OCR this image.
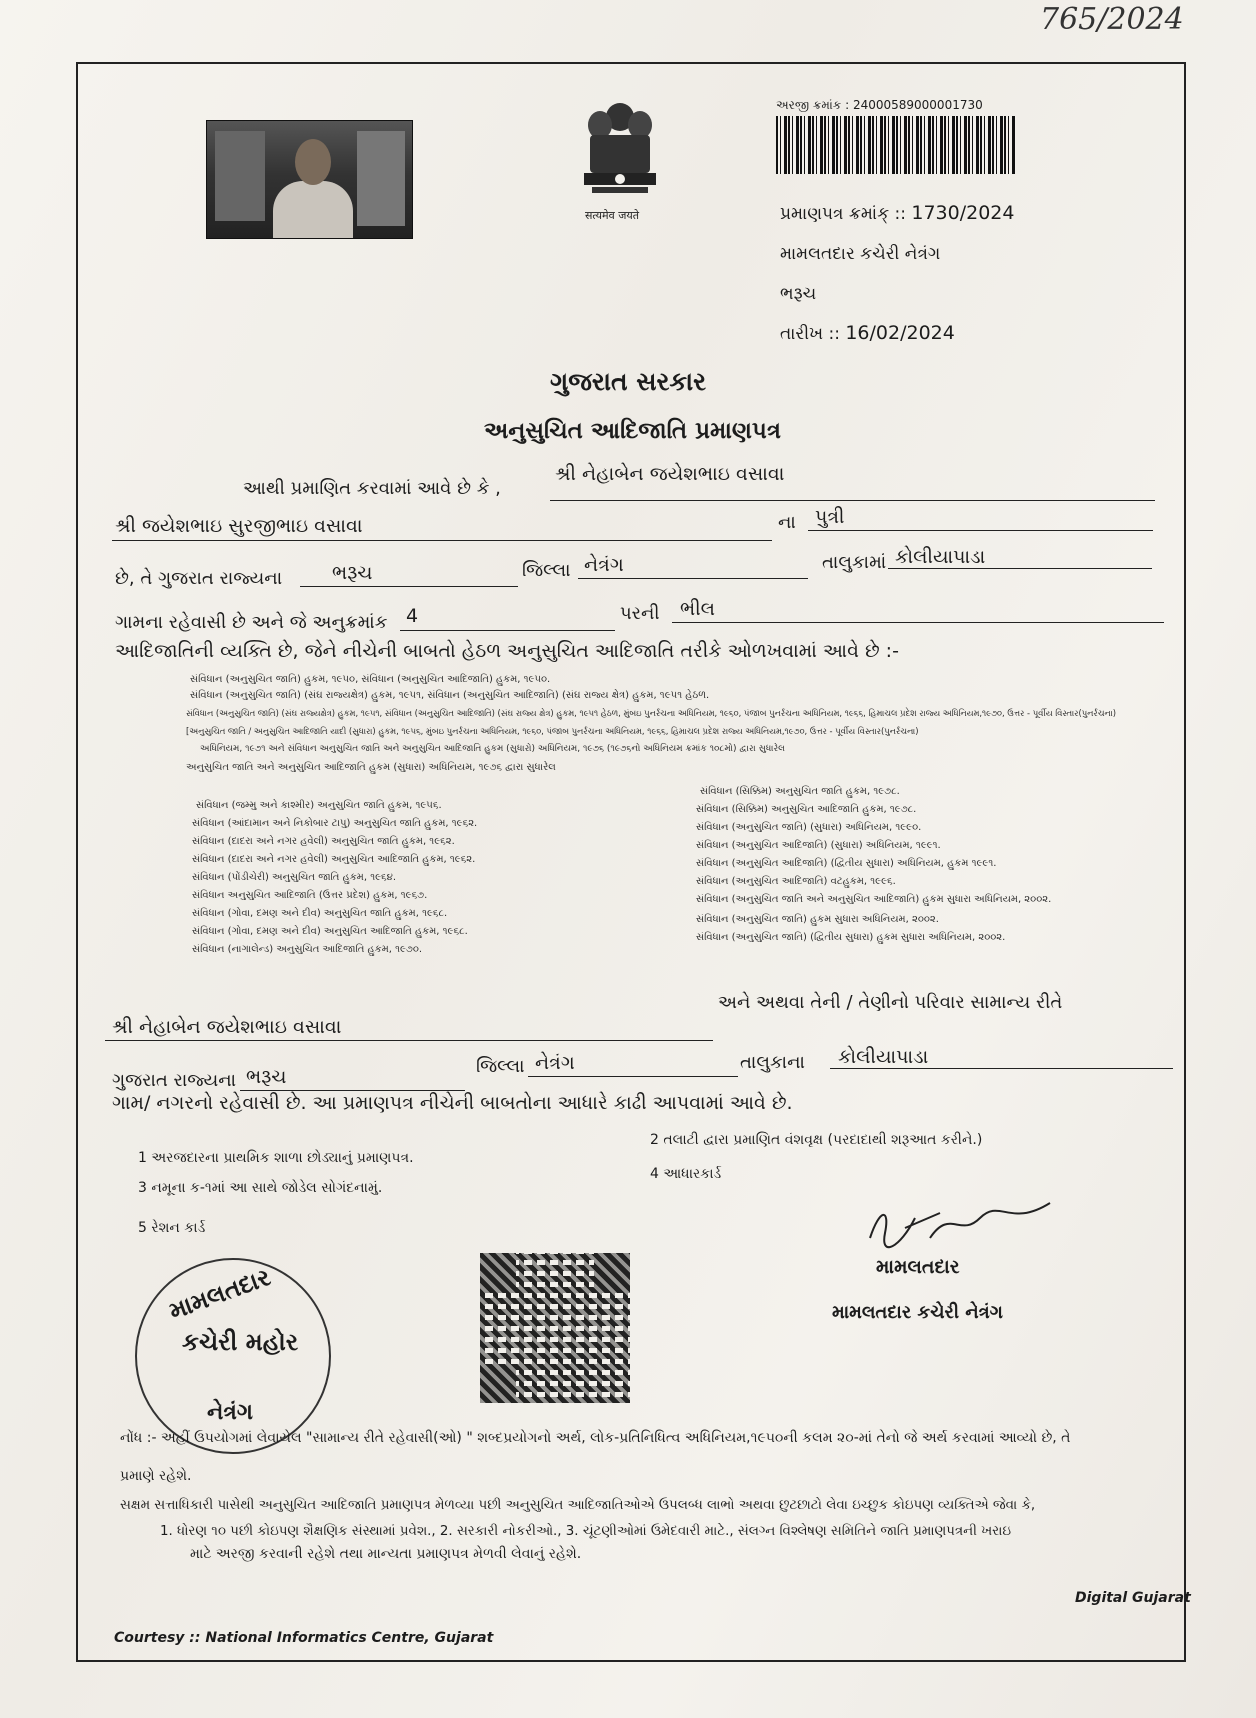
765/2024
सत्यमेव जयते
અરજી ક્રમાંક : 24000589000001730
પ્રમાણપત્ર ક્રમાંક્ :: 1730/2024
મામલતદાર કચેરી નેત્રંગ
ભરૂચ
તારીખ :: 16/02/2024
ગુજરાત સરકાર
અનુસુચિત આદિજાતિ પ્રમાણપત્ર
આથી પ્રમાણિત કરવામાં આવે છે કે ,
શ્રી નેહાબેન જયેશભાઇ વસાવા
શ્રી જયેશભાઇ સુરજીભાઇ વસાવા	ના પુત્રી
છે, તે ગુજરાત રાજ્યના	ભરૂચ	જિલ્લા નેત્રંગ	તાલુકામાં કોલીયાપાડા
ગામના રહેવાસી છે અને જે અનુક્રમાંક 4	પરની ભીલ
આદિજાતિની વ્યક્તિ છે, જેને નીચેની બાબતો હેઠળ અનુસુચિત આદિજાતિ તરીકે ઓળખવામાં આવે છે :-
સંવિધાન (અનુસુચિત જાતિ) હુકમ, ૧૯૫૦, સંવિધાન (અનુસુચિત આદિજાતિ) હુકમ, ૧૯૫૦.
સંવિધાન (અનુસુચિત જાતિ) (સંઘ રાજ્યક્ષેત્ર) હુકમ, ૧૯૫૧, સંવિધાન (અનુસુચિત આદિજાતિ) (સંઘ રાજ્ય ક્ષેત્ર) હુકમ, ૧૯૫૧ હેઠળ.
સંવિધાન (અનુસુચિત જાતિ) (સંઘ રાજ્યક્ષેત્ર) હુકમ, ૧૯૫૧, સંવિધાન (અનુસુચિત આદિજાતિ) (સંઘ રાજ્ય ક્ષેત્ર) હુકમ, ૧૯૫૧ હેઠળ, મુંબઇ પુનર્રચના અધિનિયમ, ૧૯૬૦, પંજાબ પુનર્રચના અધિનિયમ, ૧૯૬૬, હિમાચલ પ્રદેશ રાજ્ય અધિનિયમ,૧૯૭૦, ઉત્તર - પૂર્વીય વિસ્તાર(પુનર્રચના)
[અનુસુચિત જાતિ / અનુસુચિત આદિજાતિ યાદી (સુધારા) હુકમ, ૧૯૫૬, મુંબઇ પુનર્રચના અધિનિયમ, ૧૯૬૦, પંજાબ પુનર્રચના અધિનિયમ, ૧૯૬૬, હિમાચલ પ્રદેશ રાજ્ય અધિનિયમ,૧૯૭૦, ઉત્તર - પૂર્વીય વિસ્તાર(પુનર્રચના)
અધિનિયમ, ૧૯૭૧ અને સંવિધાન અનુસુચિત જાતિ અને અનુસુચિત આદિજાતિ હુકમ (સુધારો) અધિનિયમ, ૧૯૭૬ (૧૯૭૬નો અધિનિયમ ક્રમાંક ૧૦૮મો) દ્વારા સુધારેલ
અનુસુચિત જાતિ અને અનુસુચિત આદિજાતિ હુકમ (સુધારા) અધિનિયમ, ૧૯૭૬ દ્વારા સુધારેલ
સંવિધાન (જમ્મુ અને કાશ્મીર) અનુસુચિત જાતિ હુકમ, ૧૯૫૬.
સંવિધાન (આંદામાન અને નિકોબાર ટાપુ) અનુસુચિત જાતિ હુકમ, ૧૯૬૨.
સંવિધાન (દાદરા અને નગર હવેલી) અનુસુચિત જાતિ હુકમ, ૧૯૬૨.
સંવિધાન (દાદરા અને નગર હવેલી) અનુસુચિત આદિજાતિ હુકમ, ૧૯૬૨.
સંવિધાન (પોંડીચેરી) અનુસુચિત જાતિ હુકમ, ૧૯૬૪.
સંવિધાન અનુસુચિત આદિજાતિ (ઉત્તર પ્રદેશ) હુકમ, ૧૯૬૭.
સંવિધાન (ગોવા, દમણ અને દીવ) અનુસુચિત જાતિ હુકમ, ૧૯૬૮.
સંવિધાન (ગોવા, દમણ અને દીવ) અનુસુચિત આદિજાતિ હુકમ, ૧૯૬૮.
સંવિધાન (નાગાલેન્ડ) અનુસુચિત આદિજાતિ હુકમ, ૧૯૭૦.
સંવિધાન (સિક્કિમ) અનુસુચિત જાતિ હુકમ, ૧૯૭૮.
સંવિધાન (સિક્કિમ) અનુસુચિત આદિજાતિ હુકમ, ૧૯૭૮.
સંવિધાન (અનુસુચિત જાતિ) (સુધારા) અધિનિયમ, ૧૯૯૦.
સંવિધાન (અનુસુચિત આદિજાતિ) (સુધારા) અધિનિયમ, ૧૯૯૧.
સંવિધાન (અનુસુચિત આદિજાતિ) (દ્વિતીય સુધારા) અધિનિયમ, હુકમ ૧૯૯૧.
સંવિધાન (અનુસુચિત આદિજાતિ) વટહુકમ, ૧૯૯૬.
સંવિધાન (અનુસુચિત જાતિ અને અનુસુચિત આદિજાતિ) હુકમ સુધારા અધિનિયમ, ૨૦૦૨.
સંવિધાન (અનુસુચિત જાતિ) હુકમ સુધારા અધિનિયમ, ૨૦૦૨.
સંવિધાન (અનુસુચિત જાતિ) (દ્વિતીય સુધારા) હુકમ સુધારા અધિનિયમ, ૨૦૦૨.
અને અથવા તેની / તેણીનો પરિવાર સામાન્ય રીતે
શ્રી નેહાબેન જયેશભાઇ વસાવા
ગુજરાત રાજ્યના ભરૂચ	જિલ્લા નેત્રંગ	તાલુકાના કોલીયાપાડા
ગામ/ નગરનો રહેવાસી છે. આ પ્રમાણપત્ર નીચેની બાબતોના આધારે કાઢી આપવામાં આવે છે.
1 અરજદારના પ્રાથમિક શાળા છોડ્યાનું પ્રમાણપત્ર.
2 તલાટી દ્વારા પ્રમાણિત વંશવૃક્ષ (પરદાદાથી શરૂઆત કરીને.)
3 નમૂના ક-૧માં આ સાથે જોડેલ સોગંદનામું.
4 આધારકાર્ડ
5 રેશન કાર્ડ
મામલતદાર
કચેરી મહોર
નેત્રંગ
મામલતદાર
મામલતદાર કચેરી નેત્રંગ
નોંધ :- અહીં ઉપયોગમાં લેવાયેલ "સામાન્ય રીતે રહેવાસી(ઓ) " શબ્દપ્રયોગનો અર્થ, લોક-પ્રતિનિધિત્વ અધિનિયમ,૧૯૫૦ની કલમ ૨૦-માં તેનો જે અર્થ કરવામાં આવ્યો છે, તે
પ્રમાણે રહેશે.
સક્ષમ સત્તાધિકારી પાસેથી અનુસુચિત આદિજાતિ પ્રમાણપત્ર મેળવ્યા પછી અનુસુચિત આદિજાતિઓએ ઉપલબ્ધ લાભો અથવા છુટછાટો લેવા ઇચ્છુક કોઇપણ વ્યક્તિએ જેવા કે,
1. ધોરણ ૧૦ પછી કોઇપણ શૈક્ષણિક સંસ્થામાં પ્રવેશ., 2. સરકારી નોકરીઓ., 3. ચૂંટણીઓમાં ઉમેદવારી માટે., સંલગ્ન વિશ્લેષણ સમિતિને જાતિ પ્રમાણપત્રની ખરાઇ
માટે અરજી કરવાની રહેશે તથા માન્યતા પ્રમાણપત્ર મેળવી લેવાનું રહેશે.
Digital Gujarat
Courtesy :: National Informatics Centre, Gujarat
